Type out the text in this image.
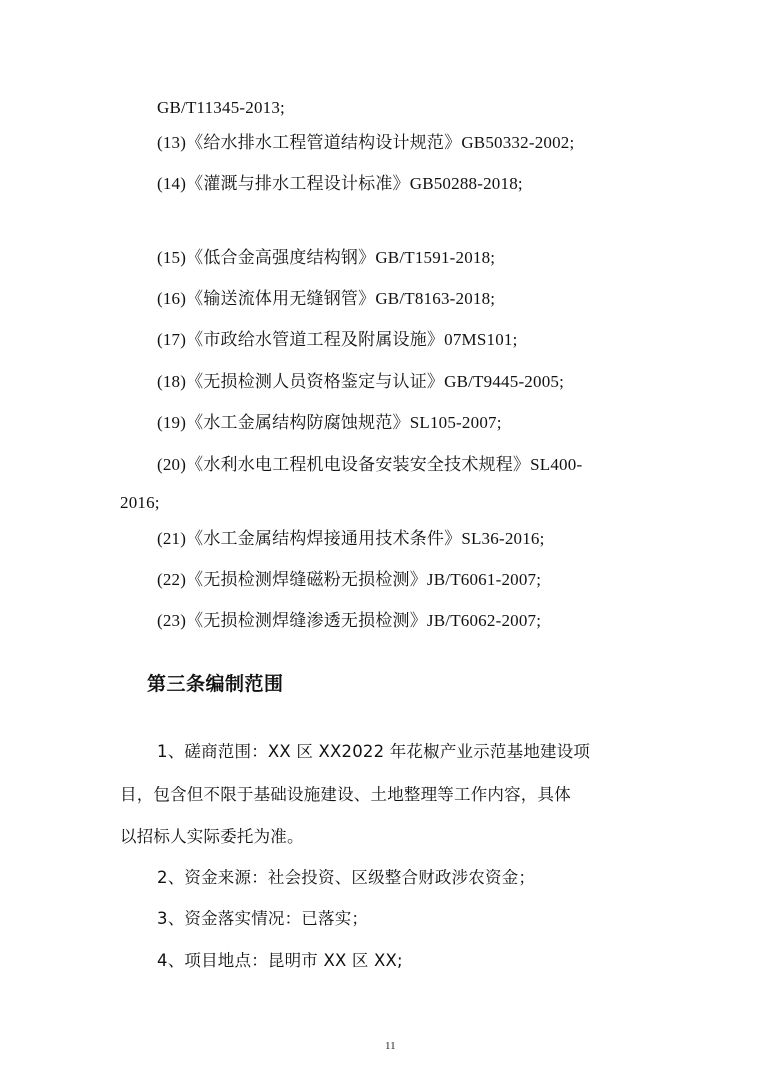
GB/T11345-2013;
(13)《给水排水工程管道结构设计规范》GB50332-2002;
(14)《灌溉与排水工程设计标准》GB50288-2018;
(15)《低合金高强度结构钢》GB/T1591-2018;
(16)《输送流体用无缝钢管》GB/T8163-2018;
(17)《市政给水管道工程及附属设施》07MS101;
(18)《无损检测人员资格鉴定与认证》GB/T9445-2005;
(19)《水工金属结构防腐蚀规范》SL105-2007;
(20)《水利水电工程机电设备安装安全技术规程》SL400-
2016;
(21)《水工金属结构焊接通用技术条件》SL36-2016;
(22)《无损检测焊缝磁粉无损检测》JB/T6061-2007;
(23)《无损检测焊缝渗透无损检测》JB/T6062-2007;
第三条编制范围
1、磋商范围：XX 区 XX2022 年花椒产业示范基地建设项
目，包含但不限于基础设施建设、土地整理等工作内容，具体
以招标人实际委托为准。
2、资金来源：社会投资、区级整合财政涉农资金；
3、资金落实情况：已落实；
4、项目地点：昆明市 XX 区 XX;
11
